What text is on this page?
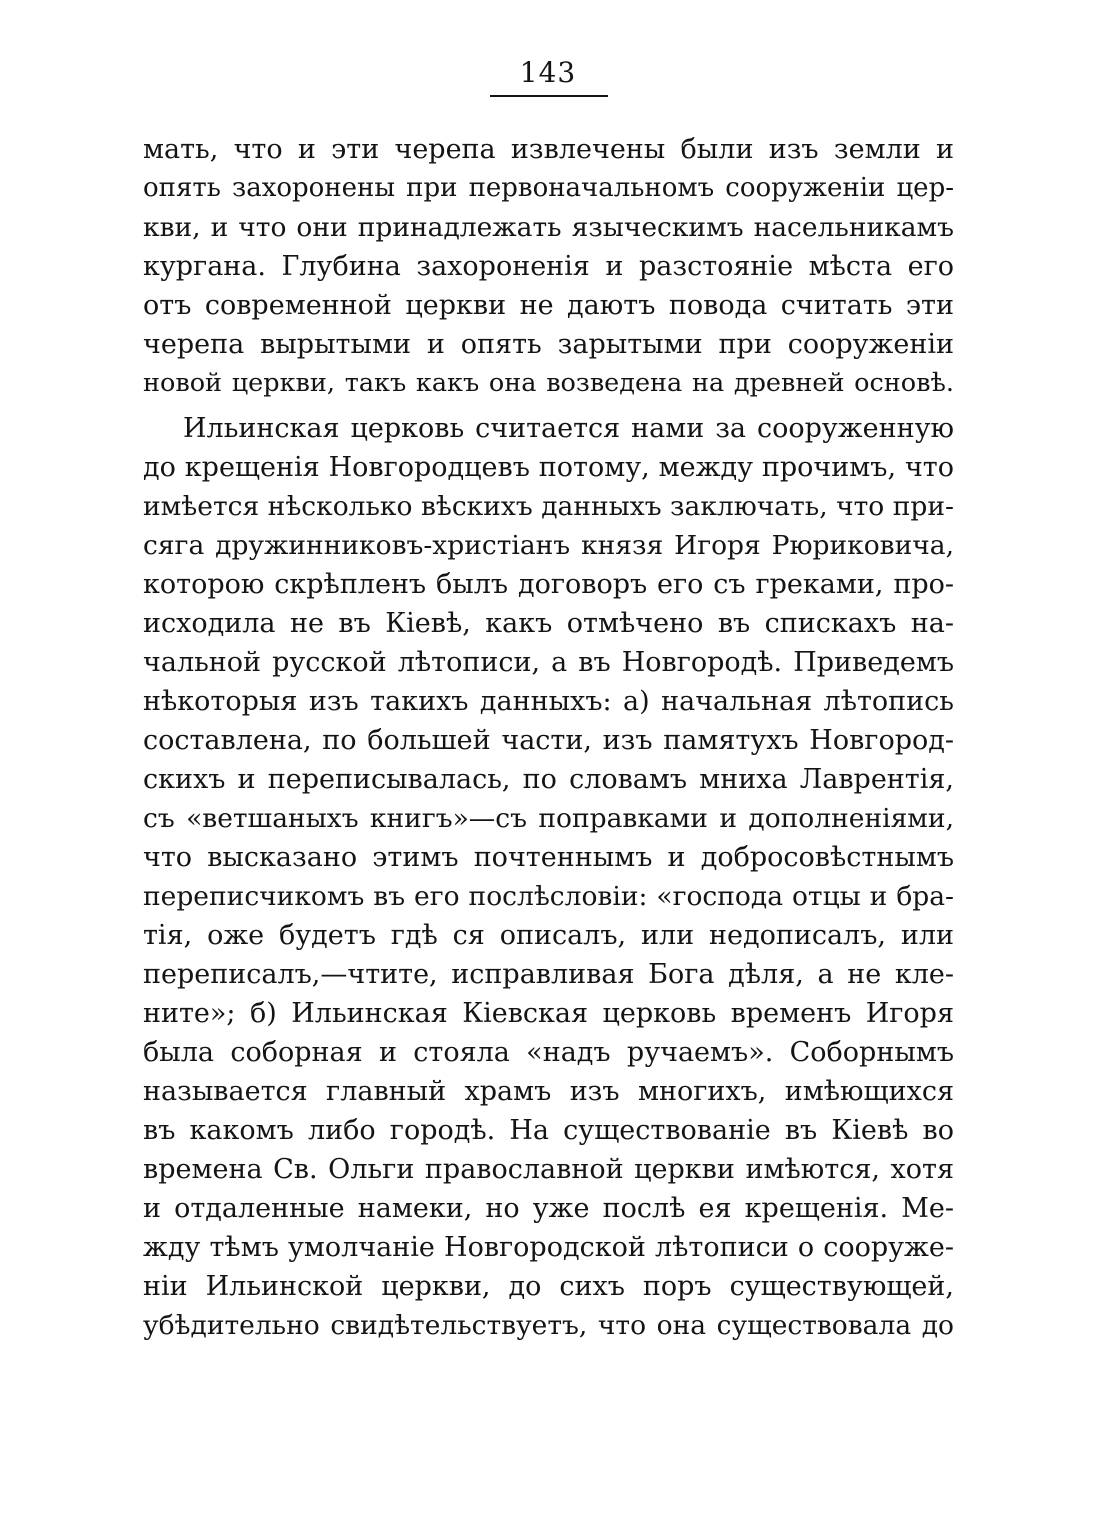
143
мать, что и эти черепа извлечены были изъ земли и
опять захоронены при первоначальномъ сооруженіи цер-
кви, и что они принадлежать языческимъ насельникамъ
кургана. Глубина захороненія и разстояніе мѣста его
отъ современной церкви не даютъ повода считать эти
черепа вырытыми и опять зарытыми при сооруженіи
новой церкви, такъ какъ она возведена на древней основѣ.
Ильинская церковь считается нами за сооруженную
до крещенія Новгородцевъ потому, между прочимъ, что
имѣется нѣсколько вѣскихъ данныхъ заключать, что при-
сяга дружинниковъ-христіанъ князя Игоря Рюриковича,
которою скрѣпленъ былъ договоръ его съ греками, про-
исходила не въ Кіевѣ, какъ отмѣчено въ спискахъ на-
чальной русской лѣтописи, а въ Новгородѣ. Приведемъ
нѣкоторыя изъ такихъ данныхъ: а) начальная лѣтопись
составлена, по большей части, изъ памятухъ Новгород-
скихъ и переписывалась, по словамъ мниха Лаврентія,
съ «ветшаныхъ книгъ»—съ поправками и дополненіями,
что высказано этимъ почтеннымъ и добросовѣстнымъ
переписчикомъ въ его послѣсловіи: «господа отцы и бра-
тія, оже будетъ гдѣ ся описалъ, или недописалъ, или
переписалъ,—чтите, исправливая Бога дѣля, а не кле-
ните»; б) Ильинская Кіевская церковь временъ Игоря
была соборная и стояла «надъ ручаемъ». Соборнымъ
называется главный храмъ изъ многихъ, имѣющихся
въ какомъ либо городѣ. На существованіе въ Кіевѣ во
времена Св. Ольги православной церкви имѣются, хотя
и отдаленные намеки, но уже послѣ ея крещенія. Ме-
жду тѣмъ умолчаніе Новгородской лѣтописи о сооруже-
ніи Ильинской церкви, до сихъ поръ существующей,
убѣдительно свидѣтельствуетъ, что она существовала до
